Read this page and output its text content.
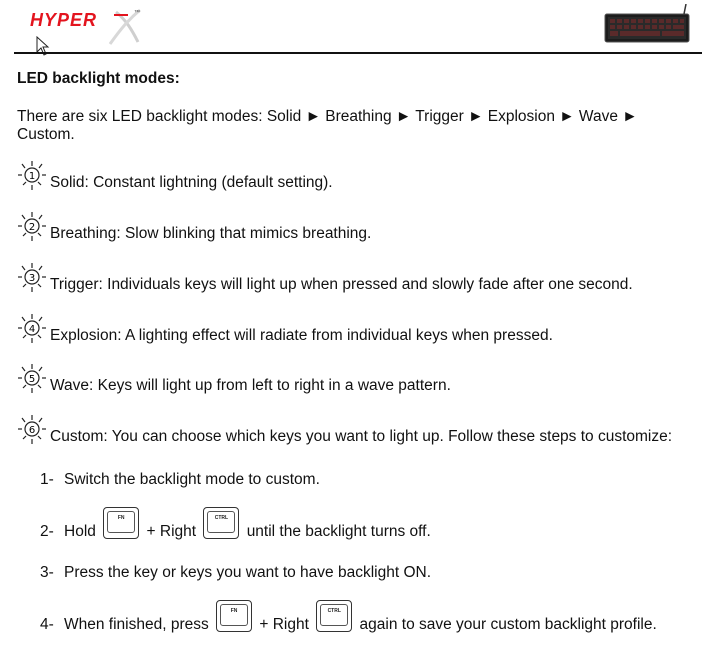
HYPER	™
LED backlight modes:
There are six LED backlight modes: Solid ► Breathing ► Trigger ► Explosion ► Wave ► Custom.
1 Solid: Constant lightning (default setting).
2 Breathing: Slow blinking that mimics breathing.
3 Trigger: Individuals keys will light up when pressed and slowly fade after one second.
4 Explosion: A lighting effect will radiate from individual keys when pressed.
5 Wave: Keys will light up from left to right in a wave pattern.
6 Custom: You can choose which keys you want to light up. Follow these steps to customize:
1- Switch the backlight mode to custom.
2- Hold
FN
+ Right
CTRL
until the backlight turns off.
3- Press the key or keys you want to have backlight ON.
4- When finished, press
FN
+ Right
CTRL
again to save your custom backlight profile.
